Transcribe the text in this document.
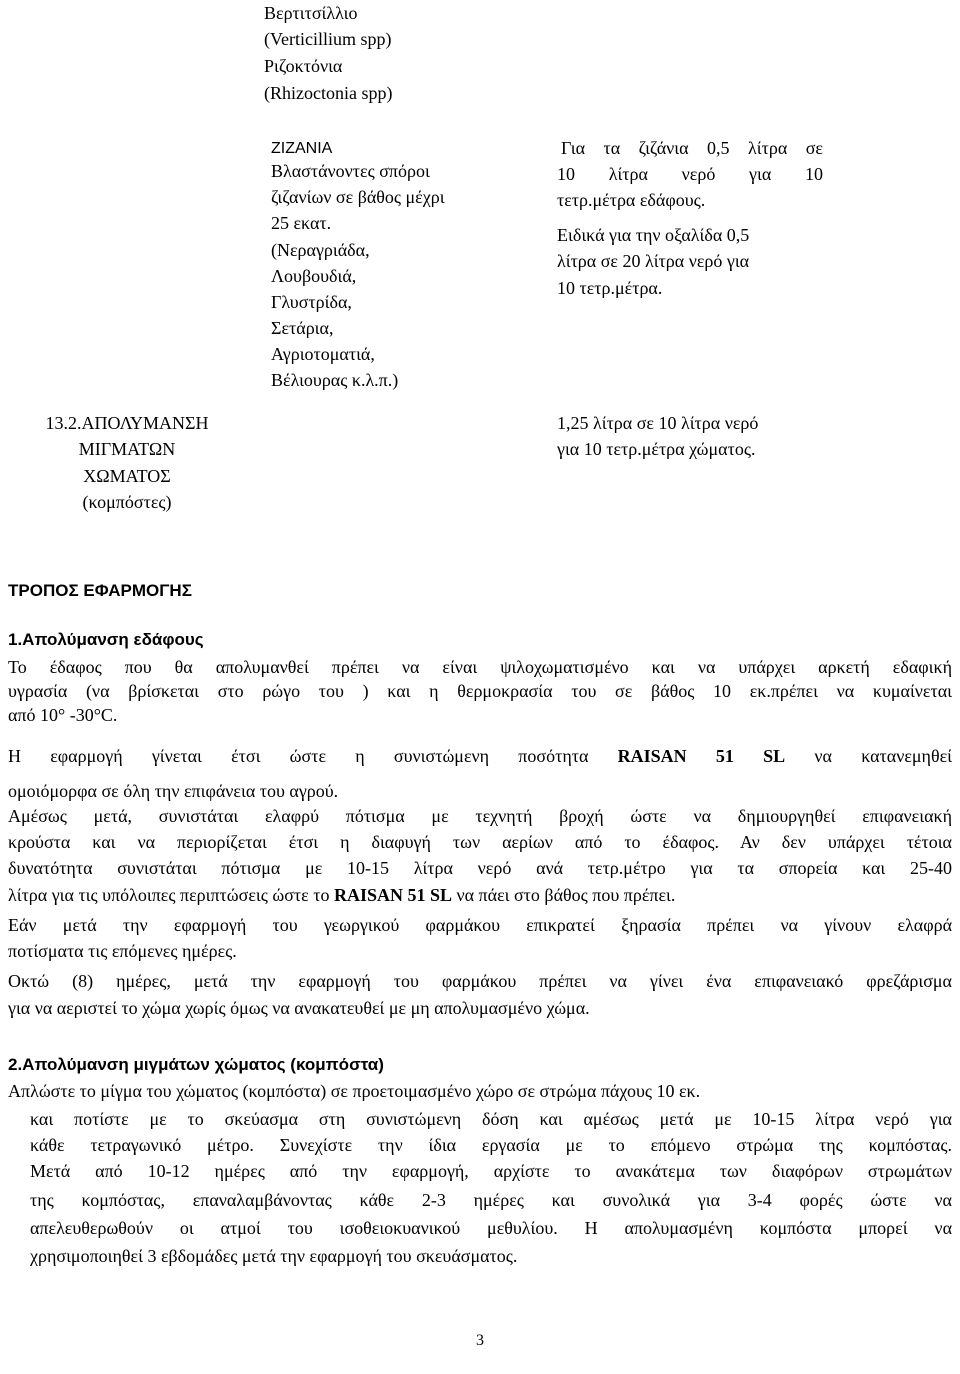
Βερτιτσίλλιο
(Verticillium spp)
Ριζοκτόνια
(Rhizoctonia spp)
13.2.ΑΠΟΛΥΜΑΝΣΗ
ΜΙΓΜΑΤΩΝ
ΧΩΜΑΤΟΣ
(κομπόστες)
ΖΙΖΑΝΙΑ
Βλαστάνοντες σπόροι
ζιζανίων σε βάθος μέχρι
25 εκατ.
(Νεραγριάδα,
Λουβουδιά,
Γλυστρίδα,
Σετάρια,
Αγριοτοματιά,
Βέλιουρας κ.λ.π.)
Για τα ζιζάνια 0,5 λίτρα σε
10 λίτρα νερό για 10
τετρ.μέτρα εδάφους.
Ειδικά για την οξαλίδα 0,5
λίτρα σε 20 λίτρα νερό για
10 τετρ.μέτρα.
1,25 λίτρα σε 10 λίτρα νερό
για 10 τετρ.μέτρα χώματος.
ΤΡΟΠΟΣ ΕΦΑΡΜΟΓΗΣ
1.Απολύμανση εδάφους
Το έδαφος που θα απολυμανθεί πρέπει να είναι ψιλοχωματισμένο και να υπάρχει αρκετή εδαφική
υγρασία (να βρίσκεται στο ρώγο του ) και η θερμοκρασία του σε βάθος 10 εκ.πρέπει να κυμαίνεται
από 10° -30°C.
Η εφαρμογή γίνεται έτσι ώστε η συνιστώμενη ποσότητα RAISAN 51 SL να κατανεμηθεί
ομοιόμορφα σε όλη την επιφάνεια του αγρού.
Αμέσως μετά, συνιστάται ελαφρύ πότισμα με τεχνητή βροχή ώστε να δημιουργηθεί επιφανειακή
κρούστα και να περιορίζεται έτσι η διαφυγή των αερίων από το έδαφος. Αν δεν υπάρχει τέτοια
δυνατότητα συνιστάται πότισμα με 10-15 λίτρα νερό ανά τετρ.μέτρο για τα σπορεία και 25-40
λίτρα για τις υπόλοιπες περιπτώσεις ώστε το RAISAN 51 SL να πάει στο βάθος που πρέπει.
Εάν μετά την εφαρμογή του γεωργικού φαρμάκου επικρατεί ξηρασία πρέπει να γίνουν ελαφρά
ποτίσματα τις επόμενες ημέρες.
Οκτώ (8) ημέρες, μετά την εφαρμογή του φαρμάκου πρέπει να γίνει ένα επιφανειακό φρεζάρισμα
για να αεριστεί το χώμα χωρίς όμως να ανακατευθεί με μη απολυμασμένο χώμα.
2.Απολύμανση μιγμάτων χώματος (κομπόστα)
Απλώστε το μίγμα του χώματος (κομπόστα) σε προετοιμασμένο χώρο σε στρώμα πάχους 10 εκ.
και ποτίστε με το σκεύασμα στη συνιστώμενη δόση και αμέσως μετά με 10-15 λίτρα νερό για
κάθε τετραγωνικό μέτρο. Συνεχίστε την ίδια εργασία με το επόμενο στρώμα της κομπόστας.
Μετά από 10-12 ημέρες από την εφαρμογή, αρχίστε το ανακάτεμα των διαφόρων στρωμάτων
της κομπόστας, επαναλαμβάνοντας κάθε 2-3 ημέρες και συνολικά για 3-4 φορές ώστε να
απελευθερωθούν οι ατμοί του ισοθειοκυανικού μεθυλίου. Η απολυμασμένη κομπόστα μπορεί να
χρησιμοποιηθεί 3 εβδομάδες μετά την εφαρμογή του σκευάσματος.
3
